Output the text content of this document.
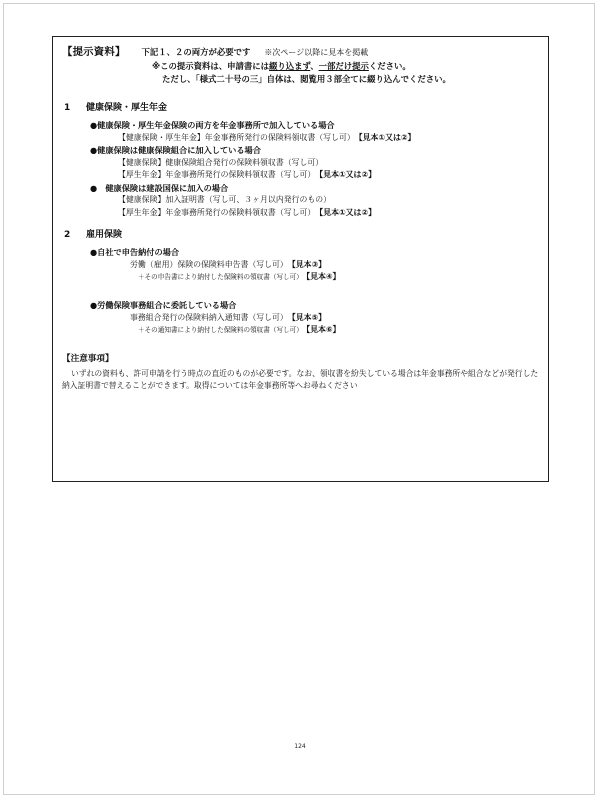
【提示資料】 下記１、２の両方が必要です ※次ページ以降に見本を掲載
※この提示資料は、申請書には綴り込まず、一部だけ提示ください。
ただし、「様式二十号の三」自体は、閲覧用３部全てに綴り込んでください。
1 健康保険・厚生年金
●健康保険・厚生年金保険の両方を年金事務所で加入している場合
【健康保険・厚生年金】年金事務所発行の保険料領収書（写し可）　 【見本①又は②】
●健康保険は健康保険組合に加入している場合
【健康保険】健康保険組合発行の保険料領収書（写し可）
【厚生年金】年金事務所発行の保険料領収書（写し可）　 【見本①又は②】
●　健康保険は建設国保に加入の場合
【健康保険】加入証明書（写し可、３ヶ月以内発行のもの）
【厚生年金】年金事務所発行の保険料領収書（写し可）　 【見本①又は②】
2 雇用保険
●自社で申告納付の場合
労働（雇用）保険の保険料申告書（写し可）　 【見本③】
＋その申告書により納付した保険料の領収書（写し可）　 【見本④】
●労働保険事務組合に委託している場合
事務組合発行の保険料納入通知書（写し可）　 【見本⑤】
＋その通知書により納付した保険料の領収書（写し可）　 【見本⑥】
【注意事項】
いずれの資料も、許可申請を行う時点の直近のものが必要です。なお、領収書を紛失している場合は年金事務所や組合などが発行した納入証明書で替えることができます。取得については年金事務所等へお尋ねください
124
